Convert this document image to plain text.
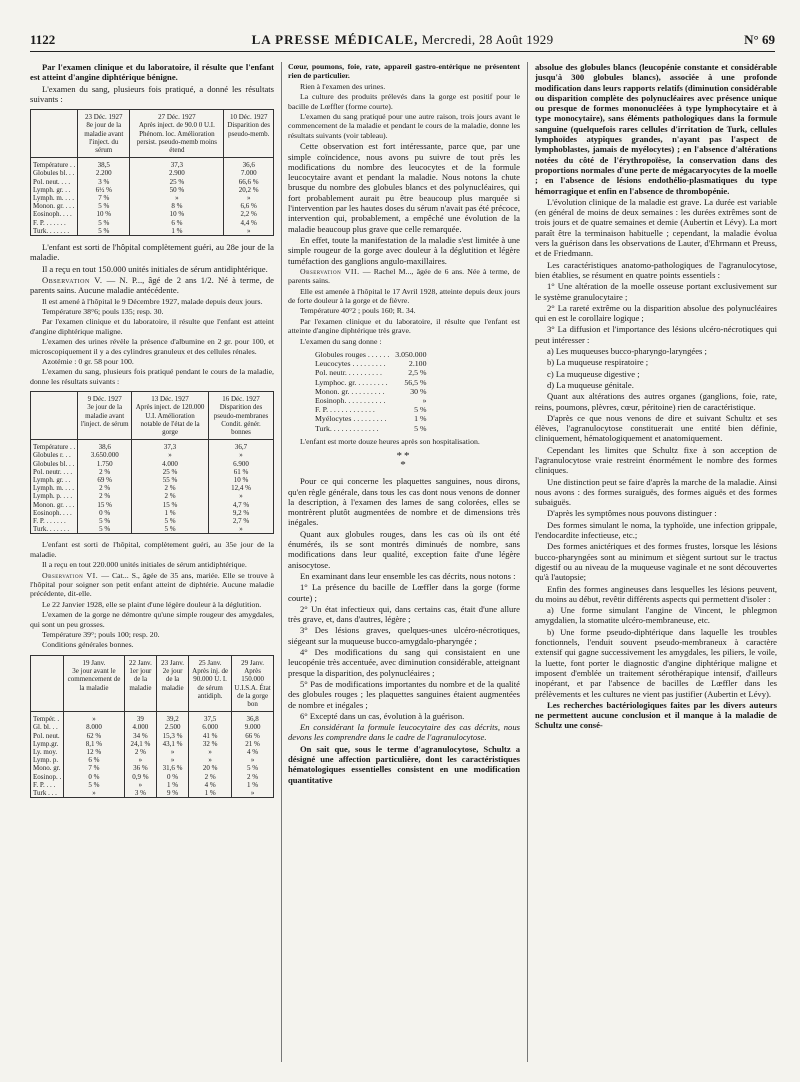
1122	LA PRESSE MÉDICALE, Mercredi, 28 Août 1929	N° 69

Par l'examen clinique et du laboratoire, il résulte que l'enfant est atteint d'angine diphtérique bénigne.

L'examen du sang, plusieurs fois pratiqué, a donné les résultats suivants :

	23 Déc. 1927
8e jour de la maladie avant l'inject. du sérum	27 Déc. 1927
Après inject. de 90.0 0 U.I. Phénom. loc. Amélioration persist. pseudo-memb moins étend	10 Déc. 1927
Disparition des pseudo-memb.
Température . .	38,5	37,3	36,6
Globules bl. . .	2.200	2.900	7.000
Pol. neut. . . .	3 %	25 %	66,6 %
Lymph. gr. . .	6½ %	50 %	20,2 %
Lymph. m. . . .	7 %	»	»
Monon. gr. . . .	5 %	8 %	6,6 %
Eosinoph. . . .	10 %	10 %	2,2 %
F. P. . . . . . .	5 %	6 %	4,4 %
Turk. . . . . . .	5 %	1 %	»

L'enfant est sorti de l'hôpital complètement guéri, au 28e jour de la maladie.

Il a reçu en tout 150.000 unités initiales de sérum antidiphtérique.

Observation V. — N. P..., âgé de 2 ans 1/2. Né à terme, de parents sains. Aucune maladie antécédente.

Il est amené à l'hôpital le 9 Décembre 1927, malade depuis deux jours.

Température 38°6; pouls 135; resp. 30.

Par l'examen clinique et du laboratoire, il résulte que l'enfant est atteint d'angine diphtérique maligne.

L'examen des urines révèle la présence d'albumine en 2 gr. pour 100, et microscopiquement il y a des cylindres granuleux et des cellules rénales.

Azotémie : 0 gr. 58 pour 100.

L'examen du sang, plusieurs fois pratiqué pendant le cours de la maladie, donne les résultats suivants :

	9 Déc. 1927
3e jour de la maladie avant l'inject. de sérum	13 Déc. 1927
Après inject. de 120.000 U.I. Amélioration notable de l'état de la gorge	16 Déc. 1927
Disparition des pseudo-membranes Condit. génér. bonnes
Température . .	38,6	37,3	36,7
Globules r. . .	3.650.000	»	»
Globules bl. . .	1.750	4.000	6.900
Pol. neutr. . . .	2 %	25 %	61 %
Lymph. gr. . .	69 %	55 %	10 %
Lymph. m. . . .	2 %	2 %	12,4 %
Lymph. p. . . .	2 %	2 %	»
Monon. gr. . . .	15 %	15 %	4,7 %
Eosinoph. . . .	0 %	1 %	9,2 %
F. P. . . . . . .	5 %	5 %	2,7 %
Turk. . . . . . .	5 %	5 %	»

L'enfant est sorti de l'hôpital, complètement guéri, au 35e jour de la maladie.

Il a reçu en tout 220.000 unités initiales de sérum antidiphtérique.

Observation VI. — Cat... S., âgée de 35 ans, mariée. Elle se trouve à l'hôpital pour soigner son petit enfant atteint de diphtérie. Aucune maladie précédente, dit-elle.

Le 22 Janvier 1928, elle se plaint d'une légère douleur à la déglutition.

L'examen de la gorge ne démontre qu'une simple rougeur des amygdales, qui sont un peu grosses.

Température 39°; pouls 100; resp. 20.

Conditions générales bonnes.

	19 Janv.
3e jour avant le commencement de la maladie	22 Janv.
1er jour de la maladie	23 Janv.
2e jour de la maladie	25 Janv.
Après inj. de 90.000 U. I. de sérum antidiph.	29 Janv.
Après 150.000 U.I.S.A. État de la gorge bon
Tempér. .	»	39	39,2	37,5	36,8
Gl. bl. . .	8.000	4.000	2.500	6.000	9.000
Pol. neut.	62 %	34 %	15,3 %	41 %	66 %
Lymp.gr.	8,1 %	24,1 %	43,1 %	32 %	21 %
Ly. moy.	12 %	2 %	»	»	4 %
Lymp. p.	6 %	»	»	»	»
Mono. gr.	7 %	36 %	31,6 %	20 %	5 %
Eosinop. .	0 %	0,9 %	0 %	2 %	2 %
F. P. . . .	5 %	»	1 %	4 %	1 %
Turk . . .	»	3 %	9 %	1 %	»

Cœur, poumons, foie, rate, appareil gastro-entérique ne présentent rien de particulier.

Rien à l'examen des urines.

La culture des produits prélevés dans la gorge est positif pour le bacille de Lœffler (forme courte).

L'examen du sang pratiqué pour une autre raison, trois jours avant le commencement de la maladie et pendant le cours de la maladie, donne les résultats suivants (voir tableau).

Cette observation est fort intéressante, parce que, par une simple coïncidence, nous avons pu suivre de tout près les modifications du nombre des leucocytes et de la formule leucocytaire avant et pendant la maladie. Nous notons la chute brusque du nombre des globules blancs et des polynucléaires, qui fort probablement aurait pu être beaucoup plus marquée si l'intervention par les hautes doses du sérum n'avait pas été précoce, intervention qui, probablement, a empêché une évolution de la maladie beaucoup plus grave que celle remarquée.

En effet, toute la manifestation de la maladie s'est limitée à une simple rougeur de la gorge avec douleur à la déglutition et légère tuméfaction des ganglions angulo-maxillaires.

Observation VII. — Rachel M..., âgée de 6 ans. Née à terme, de parents sains.

Elle est amenée à l'hôpital le 17 Avril 1928, atteinte depuis deux jours de forte douleur à la gorge et de fièvre.

Température 40°2 ; pouls 160; R. 34.

Par l'examen clinique et du laboratoire, il résulte que l'enfant est atteinte d'angine diphtérique très grave.

L'examen du sang donne :

Globules rouges . . . . . .	3.050.000
Leucocytes . . . . . . . . .	2.100
Pol. neutr. . . . . . . . . .	2,5 %
Lymphoc. gr. . . . . . . . .	56,5 %
Monon. gr. . . . . . . . . .	30 %
Eosinoph. . . . . . . . . . .	»
F. P. . . . . . . . . . . . .	5 %
Myélocytes . . . . . . . . .	1 %
Turk. . . . . . . . . . . . .	5 %

L'enfant est morte douze heures après son hospitalisation.

**
*

Pour ce qui concerne les plaquettes sanguines, nous dirons, qu'en règle générale, dans tous les cas dont nous venons de donner la description, à l'examen des lames de sang colorées, elles se montrèrent plutôt augmentées de nombre et de dimensions très inégales.

Quant aux globules rouges, dans les cas où ils ont été énumérés, ils se sont montrés diminués de nombre, sans modifications dans leur qualité, exception faite d'une légère anisocytose.

En examinant dans leur ensemble les cas décrits, nous notons :

1° La présence du bacille de Lœffler dans la gorge (forme courte) ;

2° Un état infectieux qui, dans certains cas, était d'une allure très grave, et, dans d'autres, légère ;

3° Des lésions graves, quelques-unes ulcéro-nécrotiques, siégeant sur la muqueuse bucco-amygdalo-pharyngée ;

4° Des modifications du sang qui consistaient en une leucopénie très accentuée, avec diminution considérable, atteignant presque la disparition, des polynucléaires ;

5° Pas de modifications importantes du nombre et de la qualité des globules rouges ; les plaquettes sanguines étaient augmentées de nombre et inégales ;

6° Excepté dans un cas, évolution à la guérison.

En considérant la formule leucocytaire des cas décrits, nous devons les comprendre dans le cadre de l'agranulocytose.

On sait que, sous le terme d'agranulocytose, Schultz a désigné une affection particulière, dont les caractéristiques hématologiques essentielles consistent en une modification quantitative

absolue des globules blancs (leucopénie constante et considérable jusqu'à 300 globules blancs), associée à une profonde modification dans leurs rapports relatifs (diminution considérable ou disparition complète des polynucléaires avec présence unique ou presque de formes mononucléées à type lymphocytaire et à type monocytaire), sans éléments pathologiques dans la formule sanguine (quelquefois rares cellules d'irritation de Turk, cellules lymphoïdes atypiques grandes, n'ayant pas l'aspect de lymphoblastes, jamais de myélocytes) ; en l'absence d'altérations notées du côté de l'érythropoïèse, la conservation dans des proportions normales d'une perte de mégacaryocytes de la moelle ; en l'absence de lésions endothélio-plasmatiques du type hémorragique et enfin en l'absence de thrombopénie.

L'évolution clinique de la maladie est grave. La durée est variable (en général de moins de deux semaines : les durées extrêmes sont de trois jours et de quatre semaines et demie (Aubertin et Lévy). La mort paraît être la terminaison habituelle ; cependant, la maladie évolua vers la guérison dans les observations de Lauter, d'Ehrmann et Preuss, et de Friedmann.

Les caractéristiques anatomo-pathologiques de l'agranulocytose, bien établies, se résument en quatre points essentiels :

1° Une altération de la moelle osseuse portant exclusivement sur le système granulocytaire ;

2° La rareté extrême ou la disparition absolue des polynucléaires qui en est le corollaire logique ;

3° La diffusion et l'importance des lésions ulcéro-nécrotiques qui peut intéresser :

a) Les muqueuses bucco-pharyngo-laryngées ;

b) La muqueuse respiratoire ;

c) La muqueuse digestive ;

d) La muqueuse génitale.

Quant aux altérations des autres organes (ganglions, foie, rate, reins, poumons, plèvres, cœur, péritoine) rien de caractéristique.

D'après ce que nous venons de dire et suivant Schultz et ses élèves, l'agranulocytose constituerait une entité bien définie, cliniquement, hématologiquement et anatomiquement.

Cependant les limites que Schultz fixe à son acception de l'agranulocytose vraie restreint énormément le nombre des formes cliniques.

Une distinction peut se faire d'après la marche de la maladie. Ainsi nous avons : des formes suraiguës, des formes aiguës et des formes subaiguës.

D'après les symptômes nous pouvons distinguer :

Des formes simulant le noma, la typhoïde, une infection grippale, l'endocardite infectieuse, etc.;

Des formes anictériques et des formes frustes, lorsque les lésions bucco-pharyngées sont au minimum et siègent surtout sur le tractus digestif ou au niveau de la muqueuse vaginale et ne sont découvertes qu'à l'autopsie;

Enfin des formes angineuses dans lesquelles les lésions peuvent, du moins au début, revêtir différents aspects qui permettent d'isoler :

a) Une forme simulant l'angine de Vincent, le phlegmon amygdalien, la stomatite ulcéro-membraneuse, etc.

b) Une forme pseudo-diphtérique dans laquelle les troubles fonctionnels, l'enduit souvent pseudo-membraneux à caractère extensif qui gagne successivement les amygdales, les piliers, le voile, la luette, font porter le diagnostic d'angine diphtérique maligne et imposent d'emblée un traitement sérothérapique intensif, d'ailleurs inopérant, et par l'absence de bacilles de Lœffler dans les prélèvements et les cultures ne vient pas justifier (Aubertin et Lévy).

Les recherches bactériologiques faites par les divers auteurs ne permettent aucune conclusion et il manque à la maladie de Schultz une consé-
